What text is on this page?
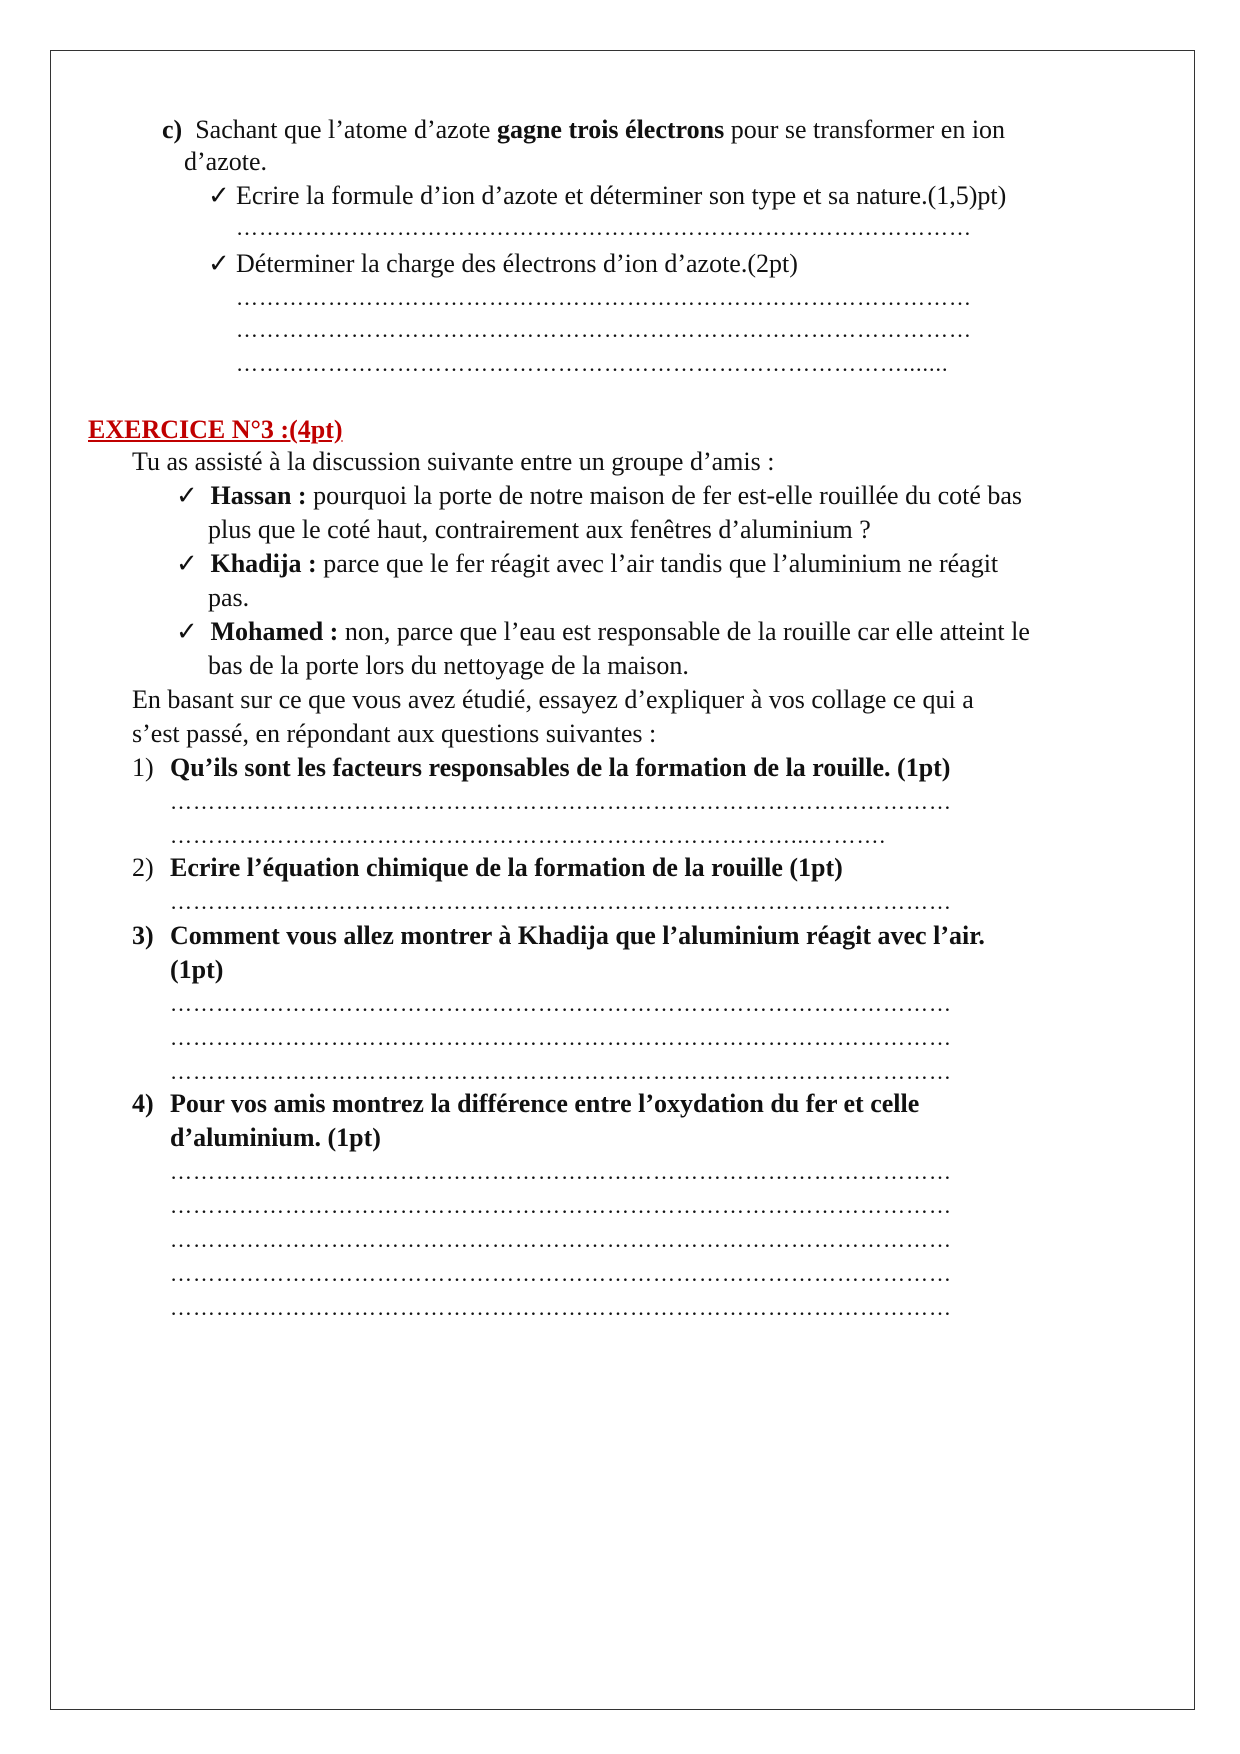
c) Sachant que l’atome d’azote gagne trois électrons pour se transformer en ion
d’azote.
✓ Ecrire la formule d’ion d’azote et déterminer son type et sa nature.(1,5)pt)
……………………………………………………………………………………
✓ Déterminer la charge des électrons d’ion d’azote.(2pt)
……………………………………………………………………………………
……………………………………………………………………………………
…………………………………………………………………………….......
EXERCICE N°3 :(4pt)
Tu as assisté à la discussion suivante entre un groupe d’amis :
✓ Hassan : pourquoi la porte de notre maison de fer est-elle rouillée du coté bas
plus que le coté haut, contrairement aux fenêtres d’aluminium ?
✓ Khadija : parce que le fer réagit avec l’air tandis que l’aluminium ne réagit
pas.
✓ Mohamed : non, parce que l’eau est responsable de la rouille car elle atteint le
bas de la porte lors du nettoyage de la maison.
En basant sur ce que vous avez étudié, essayez d’expliquer à vos collage ce qui a
s’est passé, en répondant aux questions suivantes :
1) Qu’ils sont les facteurs responsables de la formation de la rouille. (1pt)
…………………………………………………………………………………………
………………………………………………………………………...……….
2) Ecrire l’équation chimique de la formation de la rouille (1pt)
…………………………………………………………………………………………
3) Comment vous allez montrer à Khadija que l’aluminium réagit avec l’air.
(1pt)
…………………………………………………………………………………………
…………………………………………………………………………………………
…………………………………………………………………………………………
4) Pour vos amis montrez la différence entre l’oxydation du fer et celle
d’aluminium. (1pt)
…………………………………………………………………………………………
…………………………………………………………………………………………
…………………………………………………………………………………………
…………………………………………………………………………………………
…………………………………………………………………………………………
